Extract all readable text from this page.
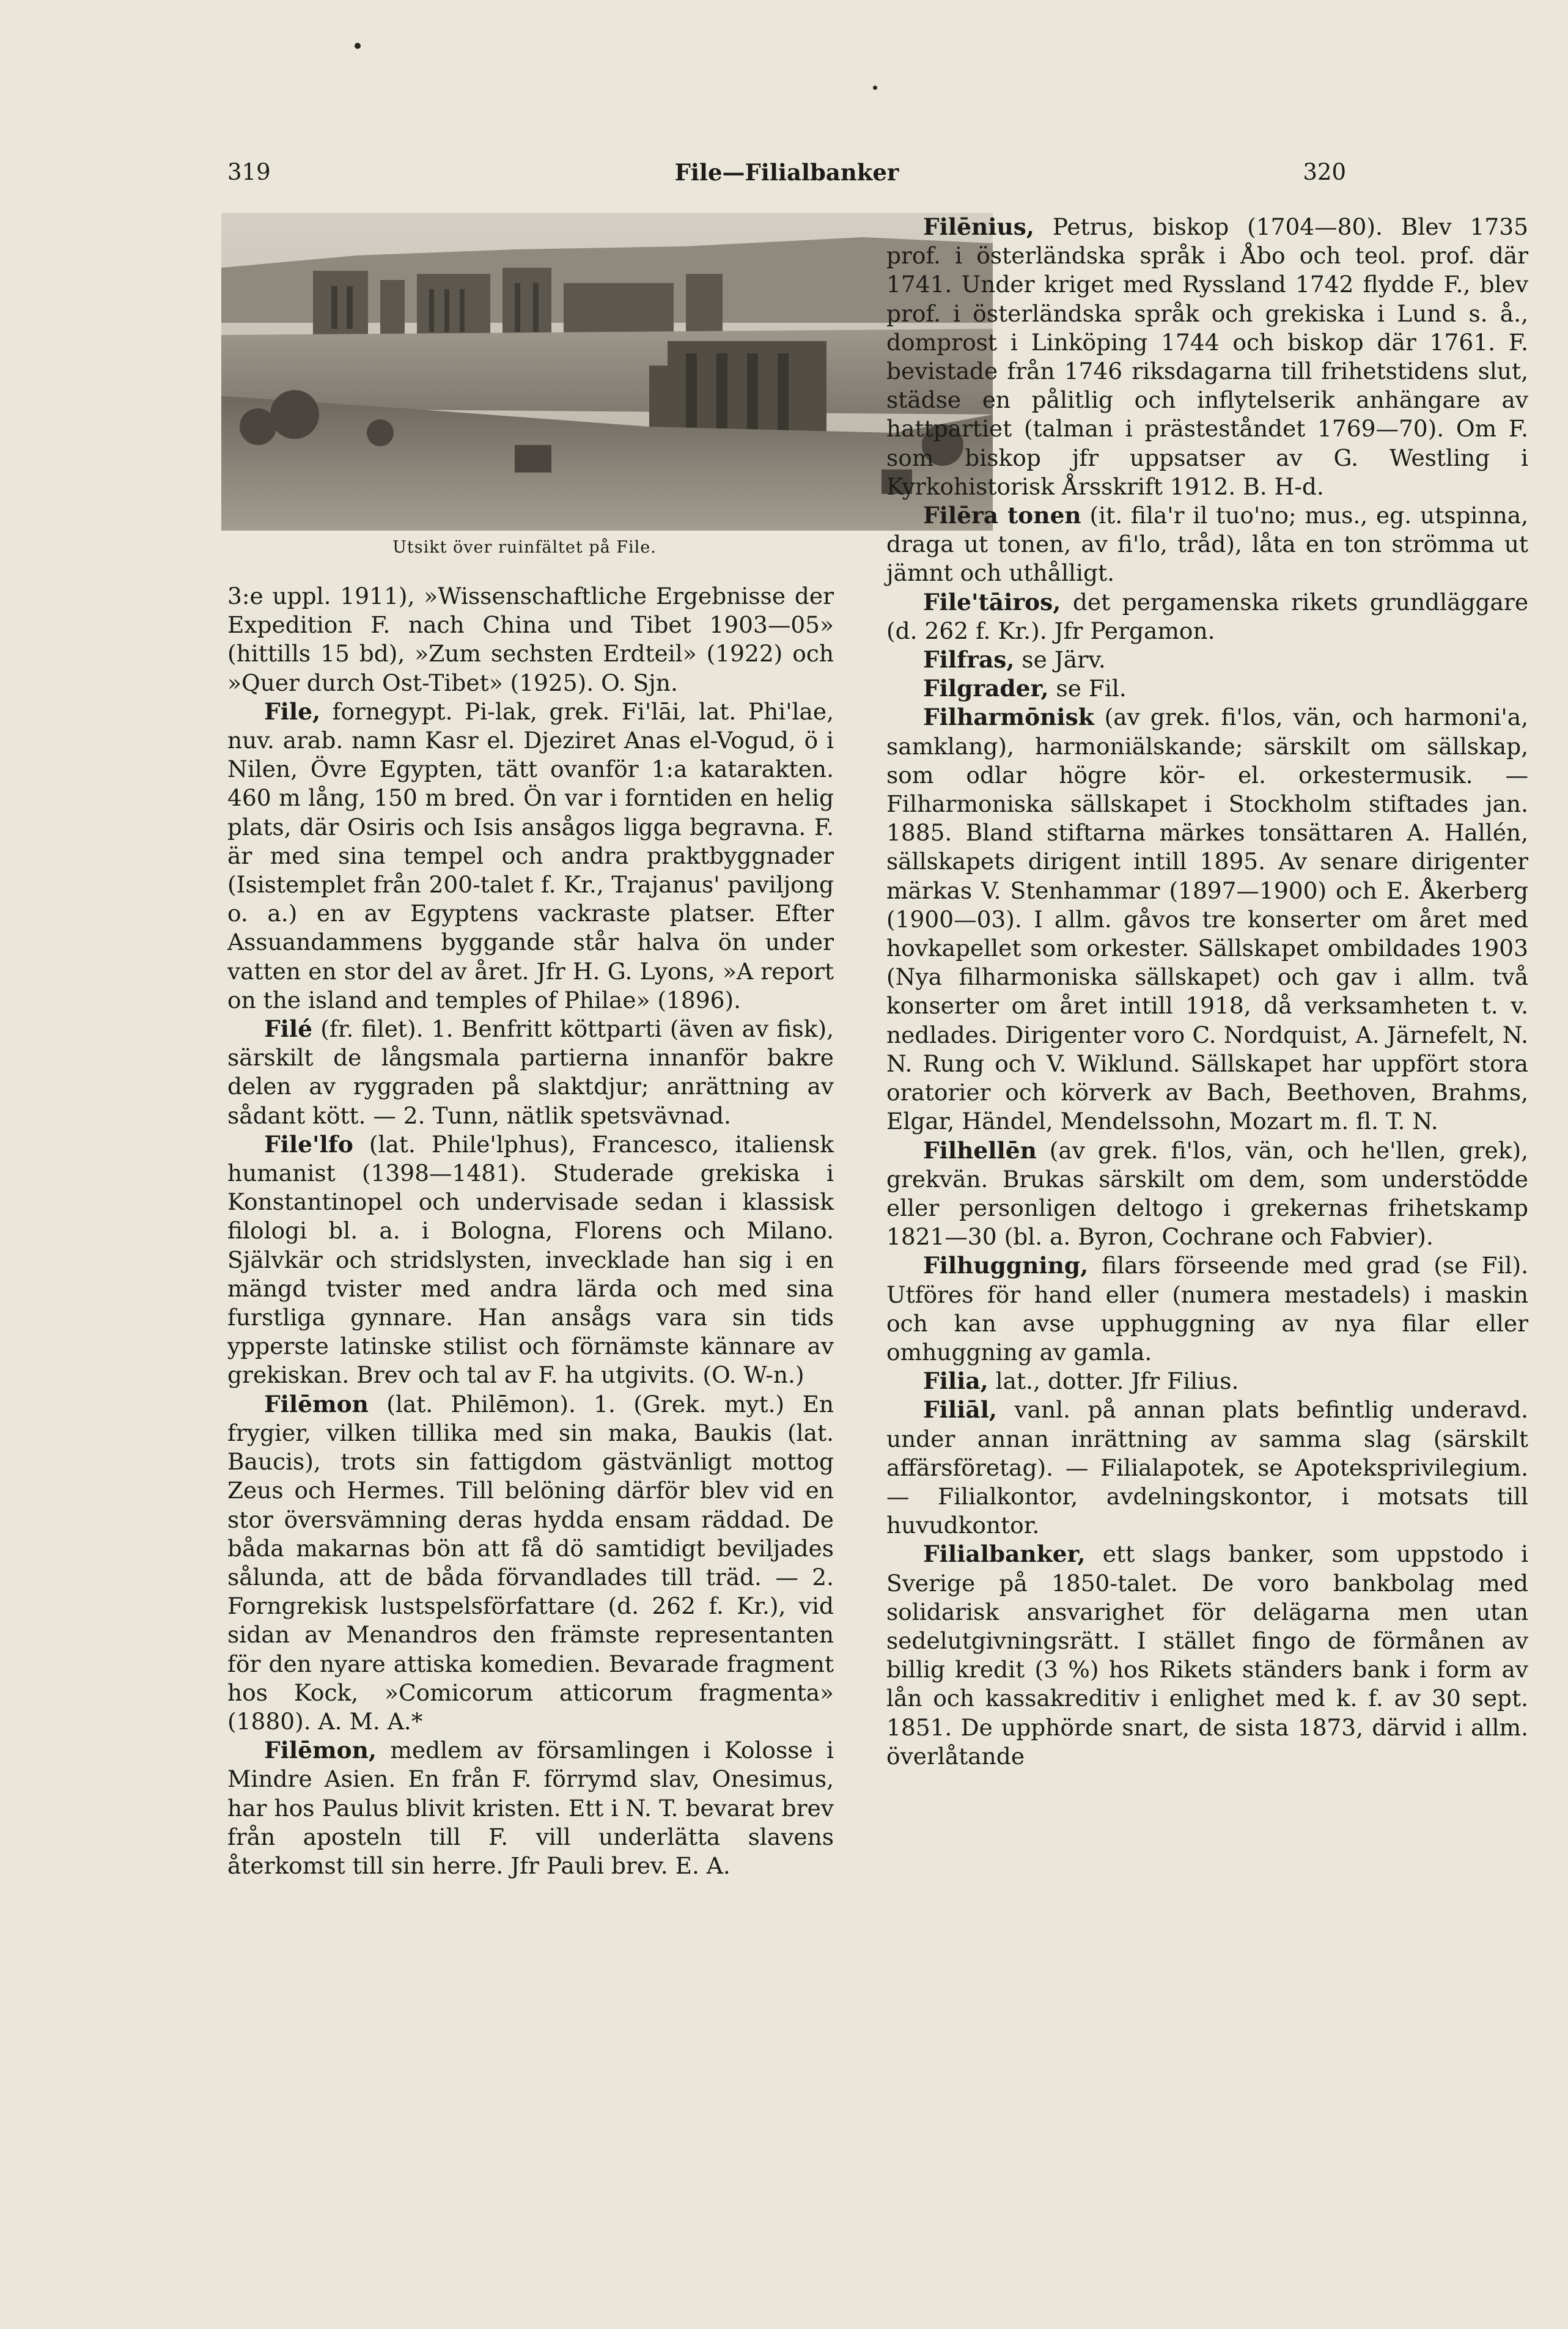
319	File—Filialbanker	320
Utsikt över ruinfältet på File.

3:e uppl. 1911), »Wissenschaftliche Ergebnisse der Expedition F. nach China und Tibet 1903—05» (hittills 15 bd), »Zum sechsten Erdteil» (1922) och »Quer durch Ost-Tibet» (1925). O. Sjn.

File, fornegypt. Pi-lak, grek. Fi'lāi, lat. Phi'lae, nuv. arab. namn Kasr el. Djeziret Anas el-Vogud, ö i Nilen, Övre Egypten, tätt ovanför 1:a katarakten. 460 m lång, 150 m bred. Ön var i forntiden en helig plats, där Osiris och Isis ansågos ligga begravna. F. är med sina tempel och andra praktbyggnader (Isistemplet från 200-talet f. Kr., Trajanus' paviljong o. a.) en av Egyptens vackraste platser. Efter Assuandammens byggande står halva ön under vatten en stor del av året. Jfr H. G. Lyons, »A report on the island and temples of Philae» (1896).

Filé (fr. filet). 1. Benfritt köttparti (även av fisk), särskilt de långsmala partierna innanför bakre delen av ryggraden på slaktdjur; anrättning av sådant kött. — 2. Tunn, nätlik spetsvävnad.

File'lfo (lat. Phile'lphus), Francesco, italiensk humanist (1398—1481). Studerade grekiska i Konstantinopel och undervisade sedan i klassisk filologi bl. a. i Bologna, Florens och Milano. Självkär och stridslysten, invecklade han sig i en mängd tvister med andra lärda och med sina furstliga gynnare. Han ansågs vara sin tids ypperste latinske stilist och förnämste kännare av grekiskan. Brev och tal av F. ha utgivits. (O. W-n.)

Filēmon (lat. Philēmon). 1. (Grek. myt.) En frygier, vilken tillika med sin maka, Baukis (lat. Baucis), trots sin fattigdom gästvänligt mottog Zeus och Hermes. Till belöning därför blev vid en stor översvämning deras hydda ensam räddad. De båda makarnas bön att få dö samtidigt beviljades sålunda, att de båda förvandlades till träd. — 2. Forngrekisk lustspelsförfattare (d. 262 f. Kr.), vid sidan av Menandros den främste representanten för den nyare attiska komedien. Bevarade fragment hos Kock, »Comicorum atticorum fragmenta» (1880). A. M. A.*

Filēmon, medlem av församlingen i Kolosse i Mindre Asien. En från F. förrymd slav, Onesimus, har hos Paulus blivit kristen. Ett i N. T. bevarat brev från aposteln till F. vill underlätta slavens återkomst till sin herre. Jfr Pauli brev. E. A.

Filēnius, Petrus, biskop (1704—80). Blev 1735 prof. i österländska språk i Åbo och teol. prof. där 1741. Under kriget med Ryssland 1742 flydde F., blev prof. i österländska språk och grekiska i Lund s. å., domprost i Linköping 1744 och biskop där 1761. F. bevistade från 1746 riksdagarna till frihetstidens slut, städse en pålitlig och inflytelserik anhängare av hattpartiet (talman i prästeståndet 1769—70). Om F. som biskop jfr uppsatser av G. Westling i Kyrkohistorisk Årsskrift 1912. B. H-d.

Filēra tonen (it. fila'r il tuo'no; mus., eg. utspinna, draga ut tonen, av fi'lo, tråd), låta en ton strömma ut jämnt och uthålligt.

File'tāiros, det pergamenska rikets grundläggare (d. 262 f. Kr.). Jfr Pergamon.

Filfras, se Järv.

Filgrader, se Fil.

Filharmōnisk (av grek. fi'los, vän, och harmoni'a, samklang), harmoniälskande; särskilt om sällskap, som odlar högre kör- el. orkestermusik. — Filharmoniska sällskapet i Stockholm stiftades jan. 1885. Bland stiftarna märkes tonsättaren A. Hallén, sällskapets dirigent intill 1895. Av senare dirigenter märkas V. Stenhammar (1897—1900) och E. Åkerberg (1900—03). I allm. gåvos tre konserter om året med hovkapellet som orkester. Sällskapet ombildades 1903 (Nya filharmoniska sällskapet) och gav i allm. två konserter om året intill 1918, då verksamheten t. v. nedlades. Dirigenter voro C. Nordquist, A. Järnefelt, N. N. Rung och V. Wiklund. Sällskapet har uppfört stora oratorier och körverk av Bach, Beethoven, Brahms, Elgar, Händel, Mendelssohn, Mozart m. fl. T. N.

Filhellēn (av grek. fi'los, vän, och he'llen, grek), grekvän. Brukas särskilt om dem, som understödde eller personligen deltogo i grekernas frihetskamp 1821—30 (bl. a. Byron, Cochrane och Fabvier).

Filhuggning, filars förseende med grad (se Fil). Utföres för hand eller (numera mestadels) i maskin och kan avse upphuggning av nya filar eller omhuggning av gamla.

Filia, lat., dotter. Jfr Filius.

Filiāl, vanl. på annan plats befintlig underavd. under annan inrättning av samma slag (särskilt affärsföretag). — Filialapotek, se Apoteksprivilegium. — Filialkontor, avdelningskontor, i motsats till huvudkontor.

Filialbanker, ett slags banker, som uppstodo i Sverige på 1850-talet. De voro bankbolag med solidarisk ansvarighet för delägarna men utan sedelutgivningsrätt. I stället fingo de förmånen av billig kredit (3 %) hos Rikets ständers bank i form av lån och kassakreditiv i enlighet med k. f. av 30 sept. 1851. De upphörde snart, de sista 1873, därvid i allm. överlåtande
